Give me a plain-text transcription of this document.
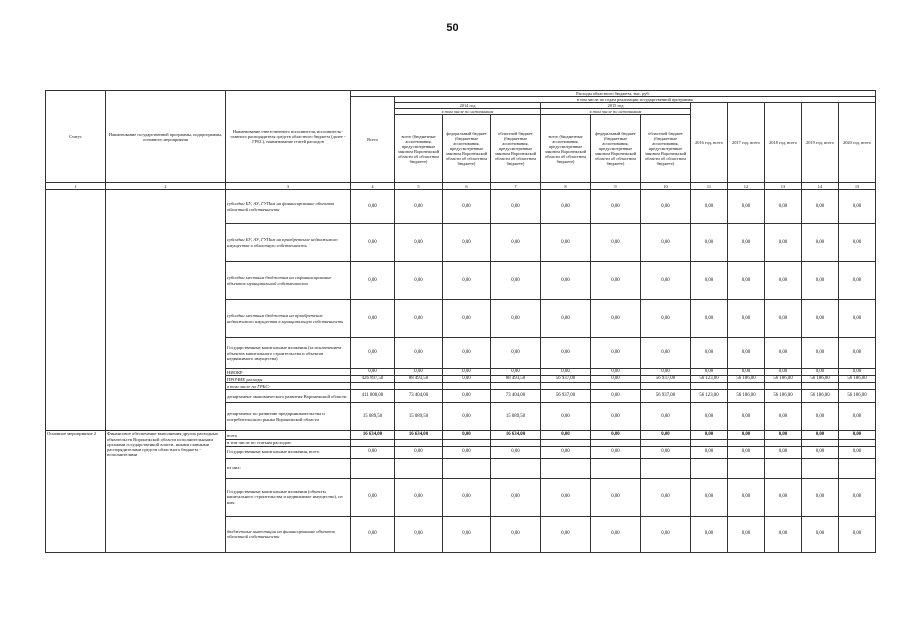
50
Статус	Наименование государственной программы, подпрограммы, основного мероприятия	Наименование ответственного исполнителя, исполнителя - главного распорядителя средств областного бюджета (далее - ГРБС), наименование статей расходов	Расходы областного бюджета, тыс. руб.											
			Всего	в том числе по годам реализации государственной программы										
				2014 год			2015 год			2016 год, всего	2017 год, всего	2018 год, всего	2019 год, всего	2020 год, всего
				в том числе по источникам			в том числе по источникам							
				всего (бюджетные ассигнования, предусмотренные законом Воронежской области об областном бюджете)	федеральный бюджет (бюджетные ассигнования, предусмотренные законом Воронежской области об областном бюджете)	областной бюджет (бюджетные ассигнования, предусмотренные законом Воронежской области об областном бюджете)	всего (бюджетные ассигнования, предусмотренные законом Воронежской области об областном бюджете)	федеральный бюджет (бюджетные ассигнования, предусмотренные законом Воронежской области об областном бюджете)	областной бюджет (бюджетные ассигнования, предусмотренные законом Воронежской области об областном бюджете)					
1	2	3	4	5	6	7	8	9	10	11	12	13	14	15
		субсидии БУ, АУ, ГУПам на финансирование объектов областной собственности	0,00	0,00	0,00	0,00	0,00	0,00	0,00	0,00	0,00	0,00	0,00	0,00
		субсидии БУ, АУ, ГУПам на приобретение недвижимого имущества в областную собственность	0,00	0,00	0,00	0,00	0,00	0,00	0,00	0,00	0,00	0,00	0,00	0,00
		субсидии местным бюджетам на софинансирование объектов муниципальной собственности	0,00	0,00	0,00	0,00	0,00	0,00	0,00	0,00	0,00	0,00	0,00	0,00
		субсидии местным бюджетам на приобретение недвижимого имущества в муниципальную собственность	0,00	0,00	0,00	0,00	0,00	0,00	0,00	0,00	0,00	0,00	0,00	0,00
		Государственные капитальные вложения (за исключением объектов капитального строительства и объектов недвижимого имущества)	0,00	0,00	0,00	0,00	0,00	0,00	0,00	0,00	0,00	0,00	0,00	0,00
		НИОКР	0,00	0,00	0,00	0,00	0,00	0,00	0,00	0,00	0,00	0,00	0,00	0,00
		ПРОЧИЕ расходы	426 897,50	88 493,50	0,00	88 493,50	56 937,00	0,00	56 937,00	56 123,00	56 186,00	56 186,00	56 186,00	56 186,00
		в том числе по ГРБС:												
		департамент экономического развития Воронежской области	411 808,00	73 404,00	0,00	73 404,00	56 937,00	0,00	56 937,00	56 123,00	56 186,00	56 186,00	56 186,00	56 186,00
		департамент по развитию предпринимательства и потребительского рынка Воронежской области	15 089,50	15 089,50	0,00	15 089,50	0,00	0,00	0,00	0,00	0,00	0,00	0,00	0,00
Основное мероприятие 2	Финансовое обеспечение выполнения других расходных обязательств Воронежской области исполнительными органами государственной власти, иными главными распорядителями средств областного бюджета - исполнителями	всего	16 634,00	16 634,00	0,00	16 634,00	0,00	0,00	0,00	0,00	0,00	0,00	0,00	0,00
		в том числе по статьям расходов:												
		Государственные капитальные вложения, всего	0,00	0,00	0,00	0,00	0,00	0,00	0,00	0,00	0,00	0,00	0,00	0,00
		из них:												
		Государственные капитальные вложения (объекты капитального строительства и недвижимое имущество), из них:	0,00	0,00	0,00	0,00	0,00	0,00	0,00	0,00	0,00	0,00	0,00	0,00
		бюджетные инвестиции на финансирование объектов областной собственности	0,00	0,00	0,00	0,00	0,00	0,00	0,00	0,00	0,00	0,00	0,00	0,00
